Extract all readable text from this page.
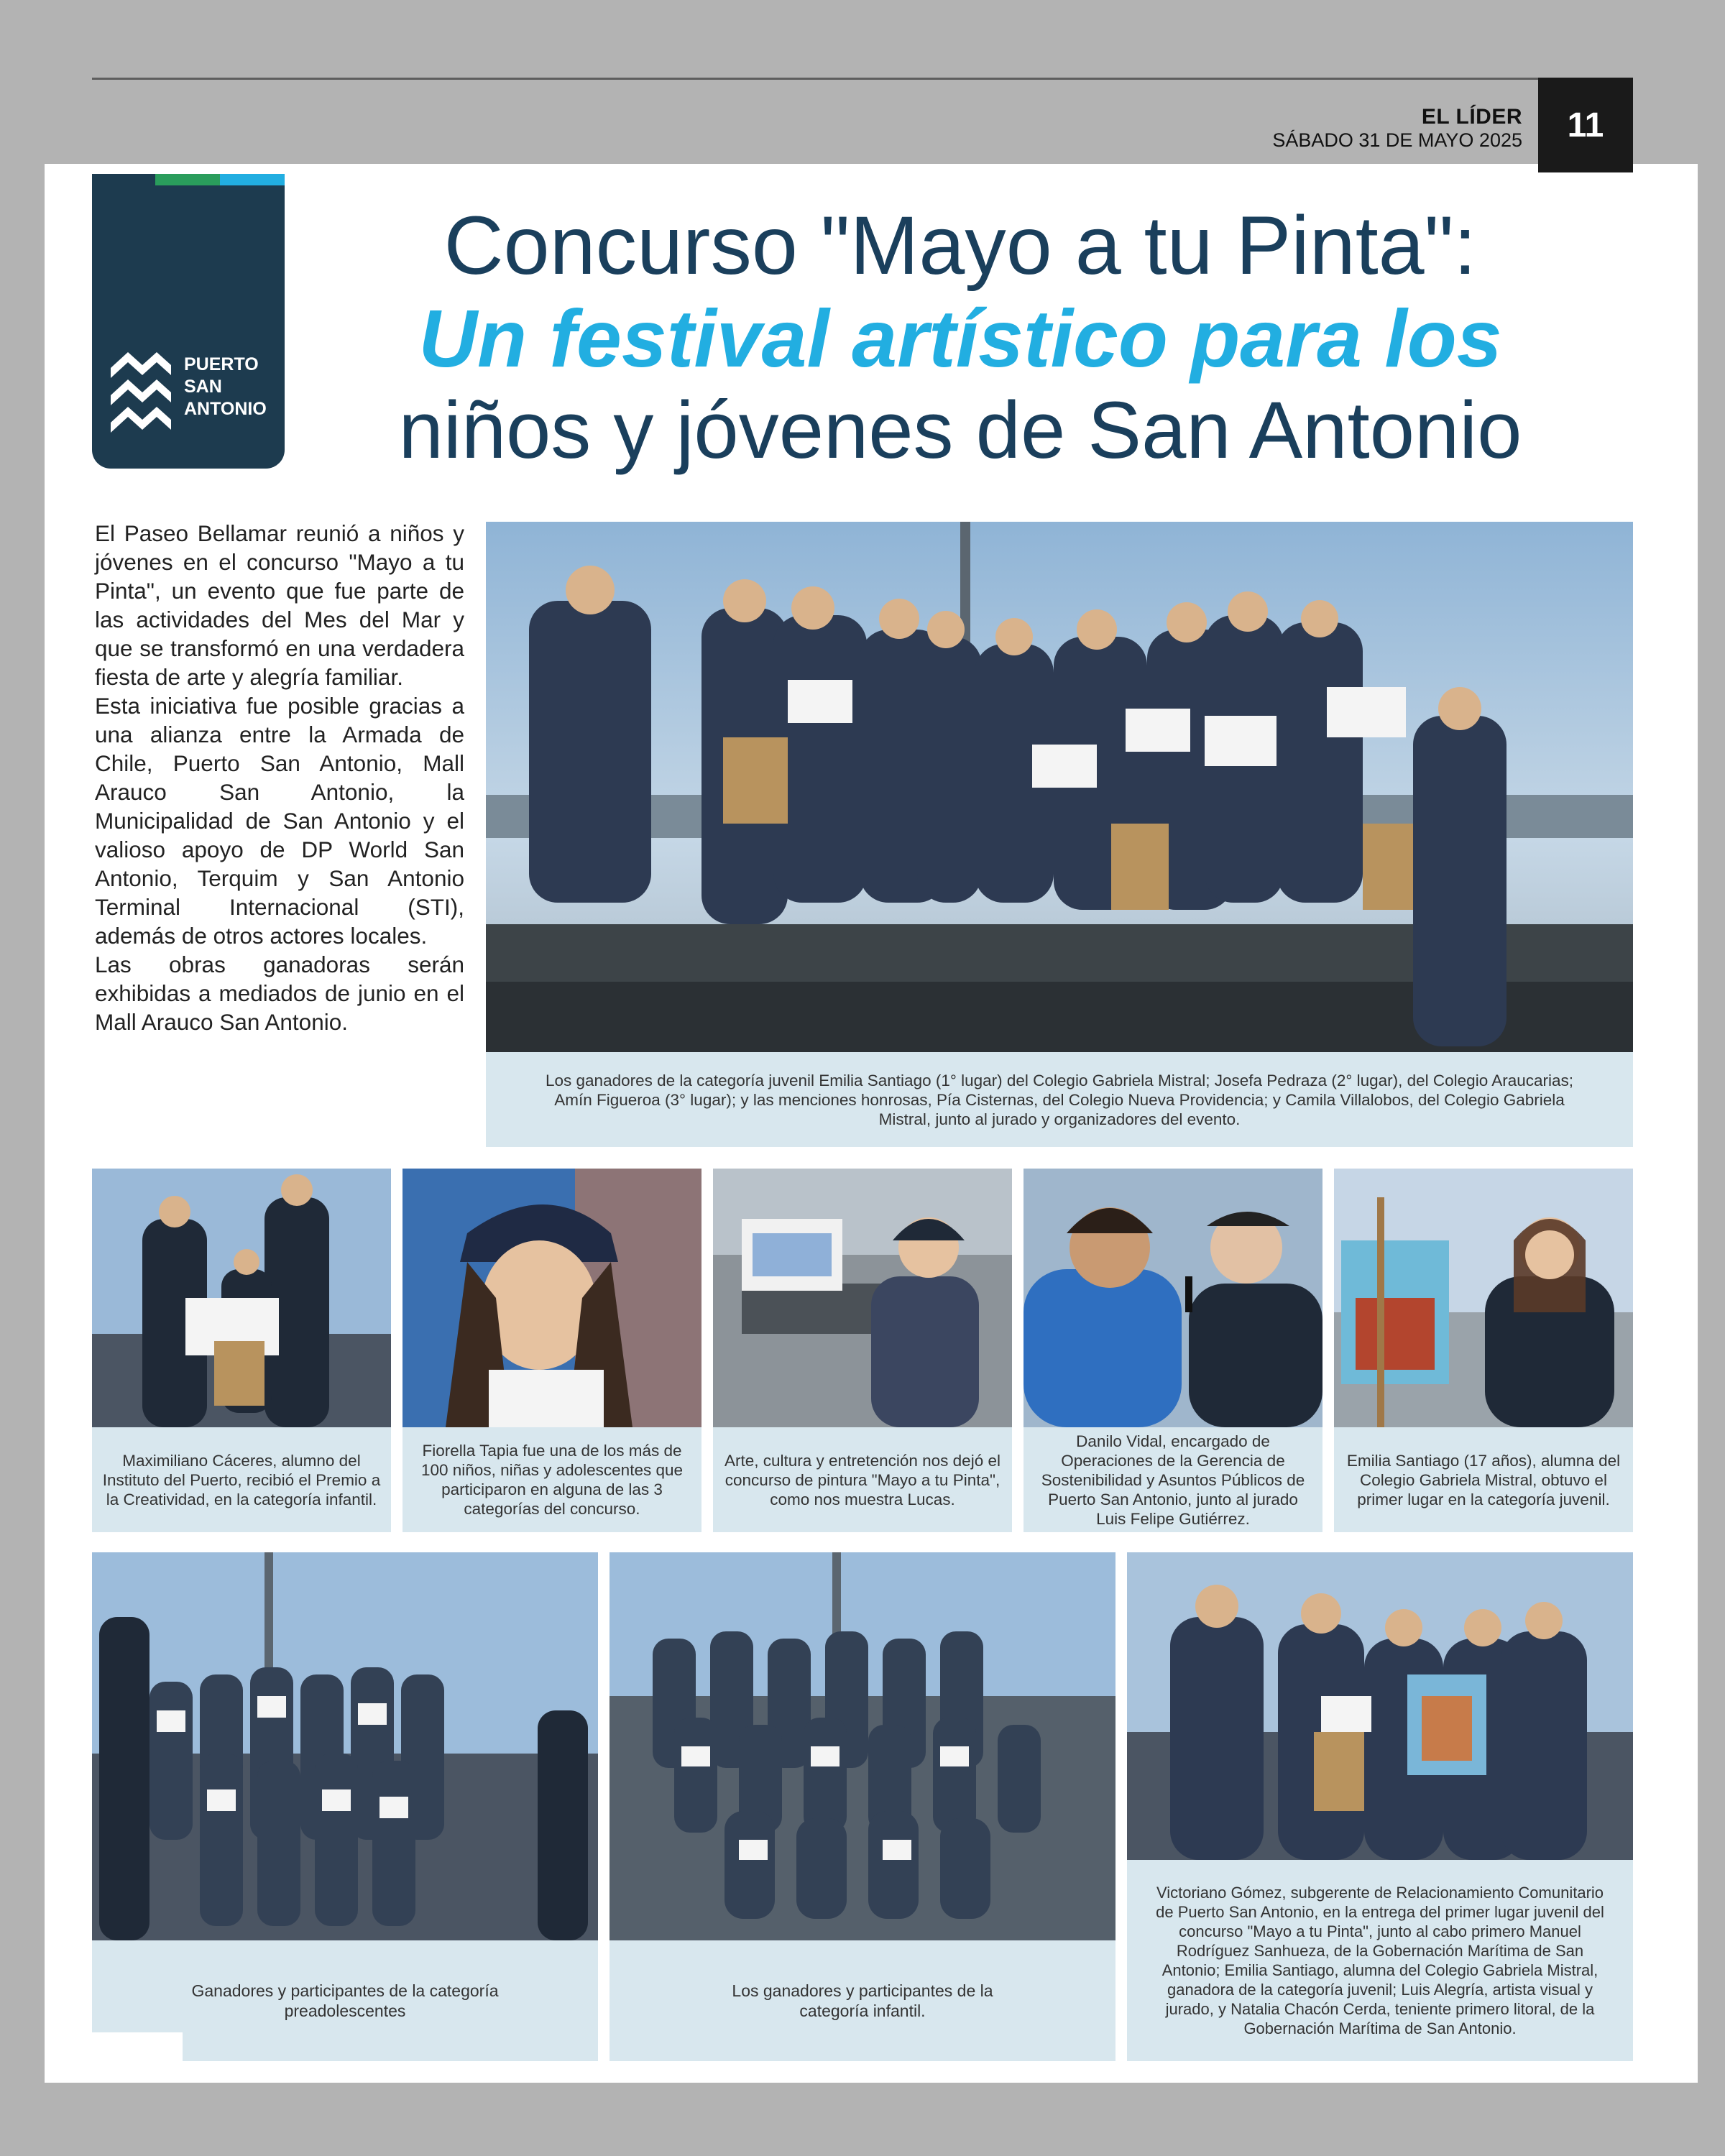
EL LÍDER
SÁBADO 31 DE MAYO 2025	11
PUERTO
SAN
ANTONIO
Concurso "Mayo a tu Pinta":
Un festival artístico para los
niños y jóvenes de San Antonio

El Paseo Bellamar reunió a niños y jóvenes en el concurso "Mayo a tu Pinta", un evento que fue parte de las actividades del Mes del Mar y que se transformó en una verdadera fiesta de arte y alegría familiar.

Esta iniciativa fue posible gracias a una alianza entre la Armada de Chile, Puerto San Antonio, Mall Arauco San Antonio, la Municipalidad de San Antonio y el valioso apoyo de DP World San Antonio, Terquim y San Antonio Terminal Internacional (STI), además de otros actores locales.

Las obras ganadoras serán exhibidas a mediados de junio en el Mall Arauco San Antonio.

Los ganadores de la categoría juvenil Emilia Santiago (1° lugar) del Colegio Gabriela Mistral; Josefa Pedraza (2° lugar), del Colegio Araucarias; Amín Figueroa (3° lugar); y las menciones honrosas, Pía Cisternas, del Colegio Nueva Providencia; y Camila Villalobos, del Colegio Gabriela Mistral, junto al jurado y organizadores del evento.
Maximiliano Cáceres, alumno del Instituto del Puerto, recibió el Premio a la Creatividad, en la categoría infantil.
Fiorella Tapia fue una de los más de 100 niños, niñas y adolescentes que participaron en alguna de las 3 categorías del concurso.
Arte, cultura y entretención nos dejó el concurso de pintura "Mayo a tu Pinta", como nos muestra Lucas.
Danilo Vidal, encargado de Operaciones de la Gerencia de Sostenibilidad y Asuntos Públicos de Puerto San Antonio, junto al jurado Luis Felipe Gutiérrez.
Emilia Santiago (17 años), alumna del Colegio Gabriela Mistral, obtuvo el primer lugar en la categoría juvenil.
Ganadores y participantes de la categoría preadolescentes
Los ganadores y participantes de la categoría infantil.
Victoriano Gómez, subgerente de Relacionamiento Comunitario de Puerto San Antonio, en la entrega del primer lugar juvenil del concurso "Mayo a tu Pinta", junto al cabo primero Manuel Rodríguez Sanhueza, de la Gobernación Marítima de San Antonio; Emilia Santiago, alumna del Colegio Gabriela Mistral, ganadora de la categoría juvenil; Luis Alegría, artista visual y jurado, y Natalia Chacón Cerda, teniente primero litoral, de la Gobernación Marítima de San Antonio.
